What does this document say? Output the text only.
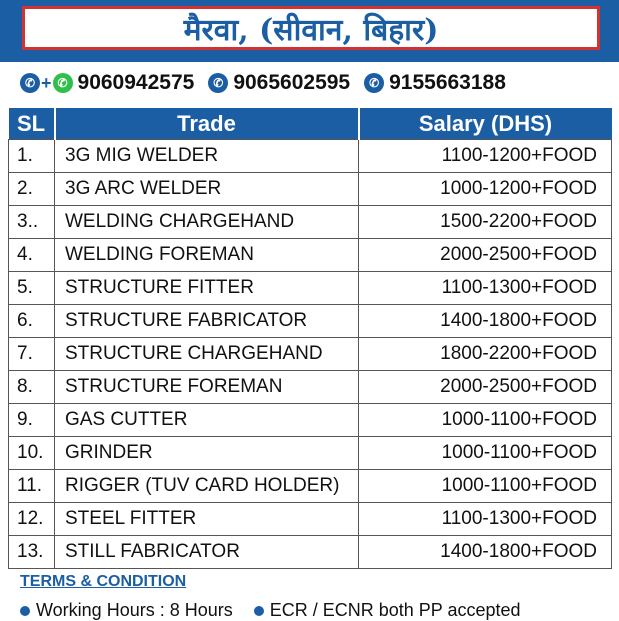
मैरवा, (सीवान, बिहार)
✆ + ✆ 9060942575	✆ 9065602595	✆ 9155663188
SL	Trade	Salary (DHS)
1.	3G MIG WELDER	1100-1200+FOOD
2.	3G ARC WELDER	1000-1200+FOOD
3..	WELDING CHARGEHAND	1500-2200+FOOD
4.	WELDING FOREMAN	2000-2500+FOOD
5.	STRUCTURE FITTER	1100-1300+FOOD
6.	STRUCTURE FABRICATOR	1400-1800+FOOD
7.	STRUCTURE CHARGEHAND	1800-2200+FOOD
8.	STRUCTURE FOREMAN	2000-2500+FOOD
9.	GAS CUTTER	1000-1100+FOOD
10.	GRINDER	1000-1100+FOOD
11.	RIGGER (TUV CARD HOLDER)	1000-1100+FOOD
12.	STEEL FITTER	1100-1300+FOOD
13.	STILL FABRICATOR	1400-1800+FOOD
TERMS & CONDITION
Working Hours : 8 Hours ECR / ECNR both PP accepted
